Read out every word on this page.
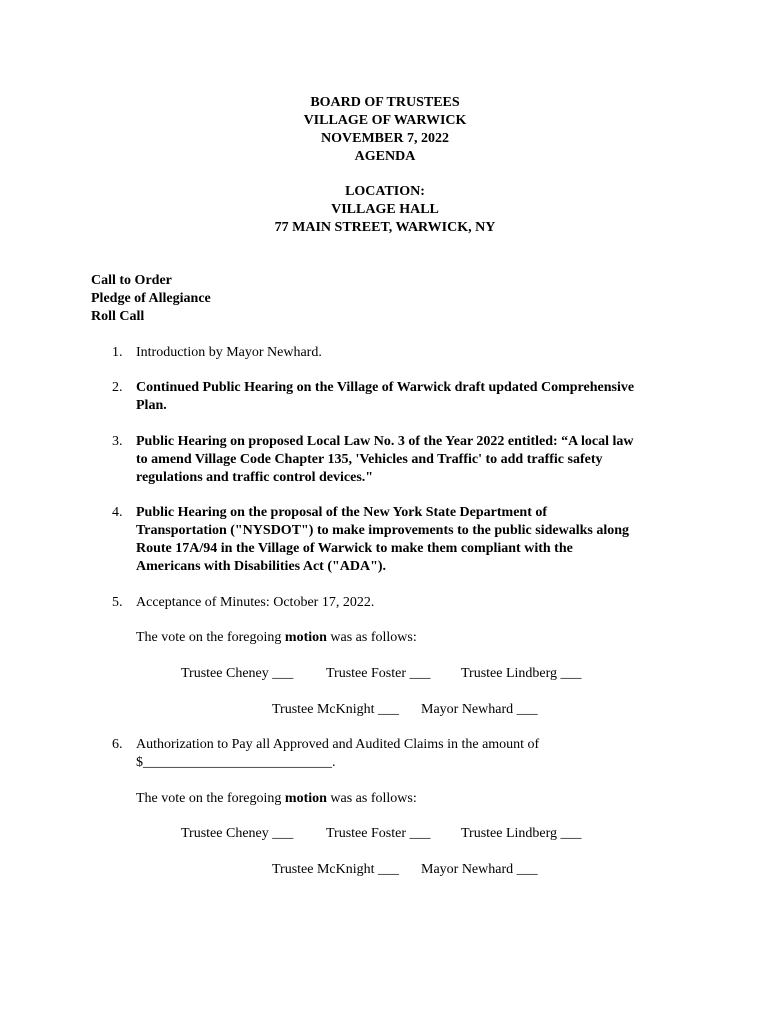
BOARD OF TRUSTEES
VILLAGE OF WARWICK
NOVEMBER 7, 2022
AGENDA
LOCATION:
VILLAGE HALL
77 MAIN STREET, WARWICK, NY
Call to Order
Pledge of Allegiance
Roll Call
1. Introduction by Mayor Newhard.
2. Continued Public Hearing on the Village of Warwick draft updated Comprehensive
Plan.
3. Public Hearing on proposed Local Law No. 3 of the Year 2022 entitled: “A local law
to amend Village Code Chapter 135, 'Vehicles and Traffic' to add traffic safety
regulations and traffic control devices."
4. Public Hearing on the proposal of the New York State Department of
Transportation ("NYSDOT") to make improvements to the public sidewalks along
Route 17A/94 in the Village of Warwick to make them compliant with the
Americans with Disabilities Act ("ADA").
5. Acceptance of Minutes: October 17, 2022.
The vote on the foregoing motion was as follows:
Trustee Cheney ___ Trustee Foster ___ Trustee Lindberg ___
Trustee McKnight ___ Mayor Newhard ___
6. Authorization to Pay all Approved and Audited Claims in the amount of
$___________________________.
The vote on the foregoing motion was as follows:
Trustee Cheney ___ Trustee Foster ___ Trustee Lindberg ___
Trustee McKnight ___ Mayor Newhard ___
